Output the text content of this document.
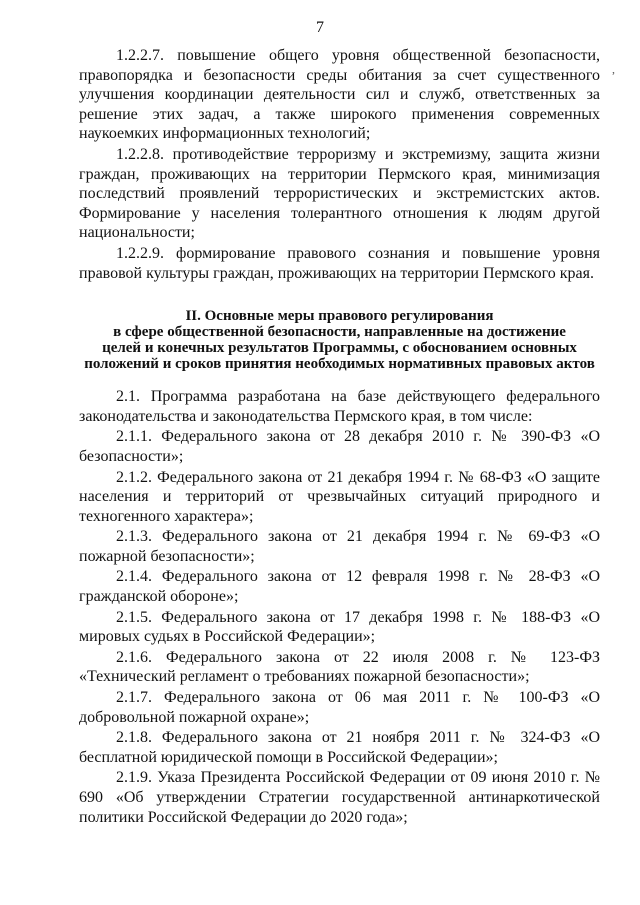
7
,

1.2.2.7. повышение общего уровня общественной безопасности, правопорядка и безопасности среды обитания за счет существенного улучшения координации деятельности сил и служб, ответственных за решение этих задач, а также широкого применения современных наукоемких информационных технологий;

1.2.2.8. противодействие терроризму и экстремизму, защита жизни граждан, проживающих на территории Пермского края, минимизация последствий проявлений террористических и экстремистских актов. Формирование у населения толерантного отношения к людям другой национальности;

1.2.2.9. формирование правового сознания и повышение уровня правовой культуры граждан, проживающих на территории Пермского края.

II. Основные меры правового регулирования
в сфере общественной безопасности, направленные на достижение
целей и конечных результатов Программы, с обоснованием основных
положений и сроков принятия необходимых нормативных правовых актов

2.1. Программа разработана на базе действующего федерального законодательства и законодательства Пермского края, в том числе:

2.1.1. Федерального закона от 28 декабря 2010 г. № 390-ФЗ «О безопасности»;

2.1.2. Федерального закона от 21 декабря 1994 г. № 68-ФЗ «О защите населения и территорий от чрезвычайных ситуаций природного и техногенного характера»;

2.1.3. Федерального закона от 21 декабря 1994 г. № 69-ФЗ «О пожарной безопасности»;

2.1.4. Федерального закона от 12 февраля 1998 г. № 28-ФЗ «О гражданской обороне»;

2.1.5. Федерального закона от 17 декабря 1998 г. № 188-ФЗ «О мировых судьях в Российской Федерации»;

2.1.6. Федерального закона от 22 июля 2008 г. № 123-ФЗ «Технический регламент о требованиях пожарной безопасности»;

2.1.7. Федерального закона от 06 мая 2011 г. № 100-ФЗ «О добровольной пожарной охране»;

2.1.8. Федерального закона от 21 ноября 2011 г. № 324-ФЗ «О бесплатной юридической помощи в Российской Федерации»;

2.1.9. Указа Президента Российской Федерации от 09 июня 2010 г. № 690 «Об утверждении Стратегии государственной антинаркотической политики Российской Федерации до 2020 года»;
